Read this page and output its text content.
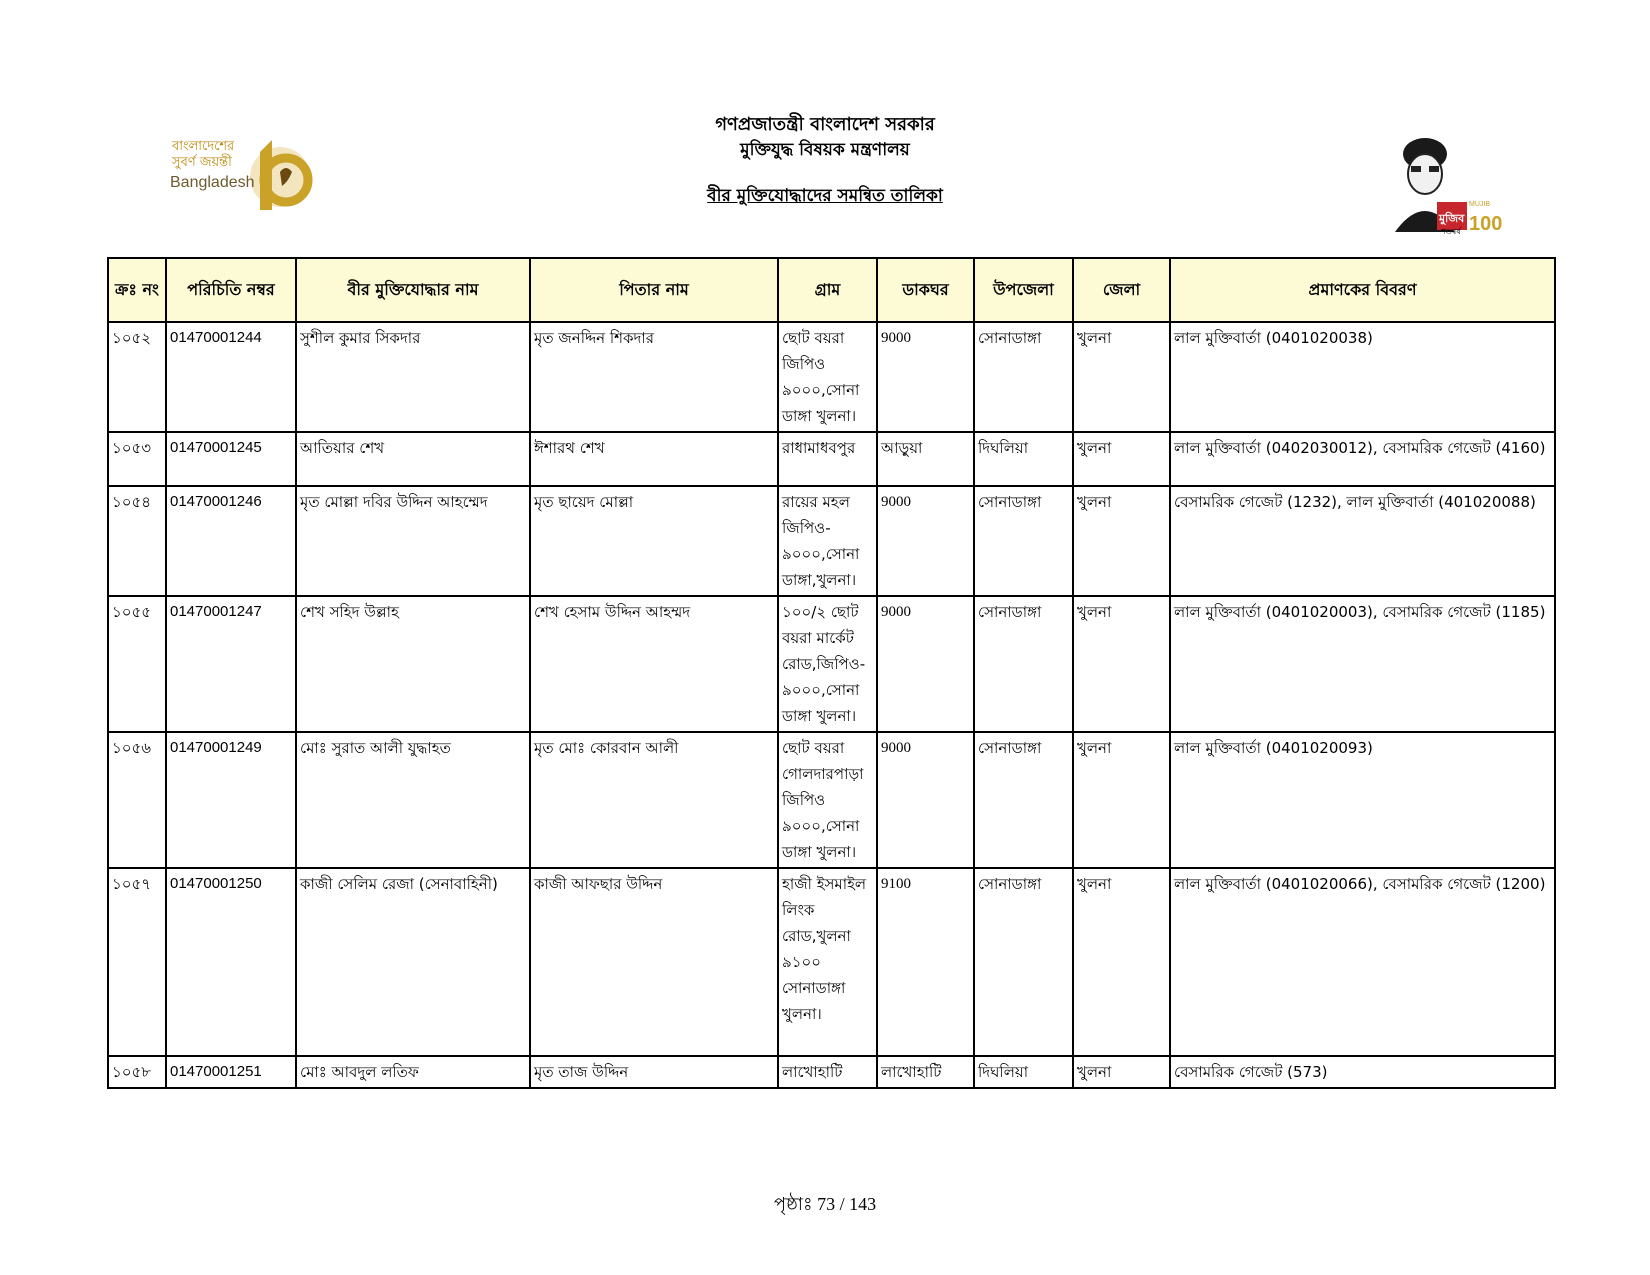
বাংলাদেশের
সুবর্ণ জয়ন্তী
Bangladesh
মুজিব
শতবর্ষ
MUJIB
100
গণপ্রজাতন্ত্রী বাংলাদেশ সরকার
মুক্তিযুদ্ধ বিষয়ক মন্ত্রণালয়
বীর মুক্তিযোদ্ধাদের সমন্বিত তালিকা
ক্রঃ নং	পরিচিতি নম্বর	বীর মুক্তিযোদ্ধার নাম	পিতার নাম	গ্রাম	ডাকঘর	উপজেলা	জেলা	প্রমাণকের বিবরণ
১০৫২	01470001244	সুশীল কুমার সিকদার	মৃত জনদ্দিন শিকদার	ছোট বয়রা জিপিও ৯০০০,সোনাডাঙ্গা খুলনা।	9000	সোনাডাঙ্গা	খুলনা	লাল মুক্তিবার্তা (0401020038)
১০৫৩	01470001245	আতিয়ার শেখ	ঈশারথ শেখ	রাধামাধবপুর	আড়ুয়া	দিঘলিয়া	খুলনা	লাল মুক্তিবার্তা (0402030012), বেসামরিক গেজেট (4160)
১০৫৪	01470001246	মৃত মোল্লা দবির উদ্দিন আহম্মেদ	মৃত ছায়েদ মোল্লা	রায়ের মহল জিপিও- ৯০০০,সোনাডাঙ্গা,খুলনা।	9000	সোনাডাঙ্গা	খুলনা	বেসামরিক গেজেট (1232), লাল মুক্তিবার্তা (401020088)
১০৫৫	01470001247	শেখ সহিদ উল্লাহ	শেখ হেসাম উদ্দিন আহম্মদ	১০০/২ ছোট বয়রা মার্কেট রোড,জিপিও- ৯০০০,সোনাডাঙ্গা খুলনা।	9000	সোনাডাঙ্গা	খুলনা	লাল মুক্তিবার্তা (0401020003), বেসামরিক গেজেট (1185)
১০৫৬	01470001249	মোঃ সুরাত আলী যুদ্ধাহত	মৃত মোঃ কোরবান আলী	ছোট বয়রা গোলদারপাড়া জিপিও ৯০০০,সোনাডাঙ্গা খুলনা।	9000	সোনাডাঙ্গা	খুলনা	লাল মুক্তিবার্তা (0401020093)
১০৫৭	01470001250	কাজী সেলিম রেজা (সেনাবাহিনী)	কাজী আফছার উদ্দিন	হাজী ইসমাইল লিংক রোড,খুলনা ৯১০০ সোনাডাঙ্গা খুলনা।	9100	সোনাডাঙ্গা	খুলনা	লাল মুক্তিবার্তা (0401020066), বেসামরিক গেজেট (1200)
১০৫৮	01470001251	মোঃ আবদুল লতিফ	মৃত তাজ উদ্দিন	লাখোহাটি	লাখোহাটি	দিঘলিয়া	খুলনা	বেসামরিক গেজেট (573)
পৃষ্ঠাঃ 73 / 143
